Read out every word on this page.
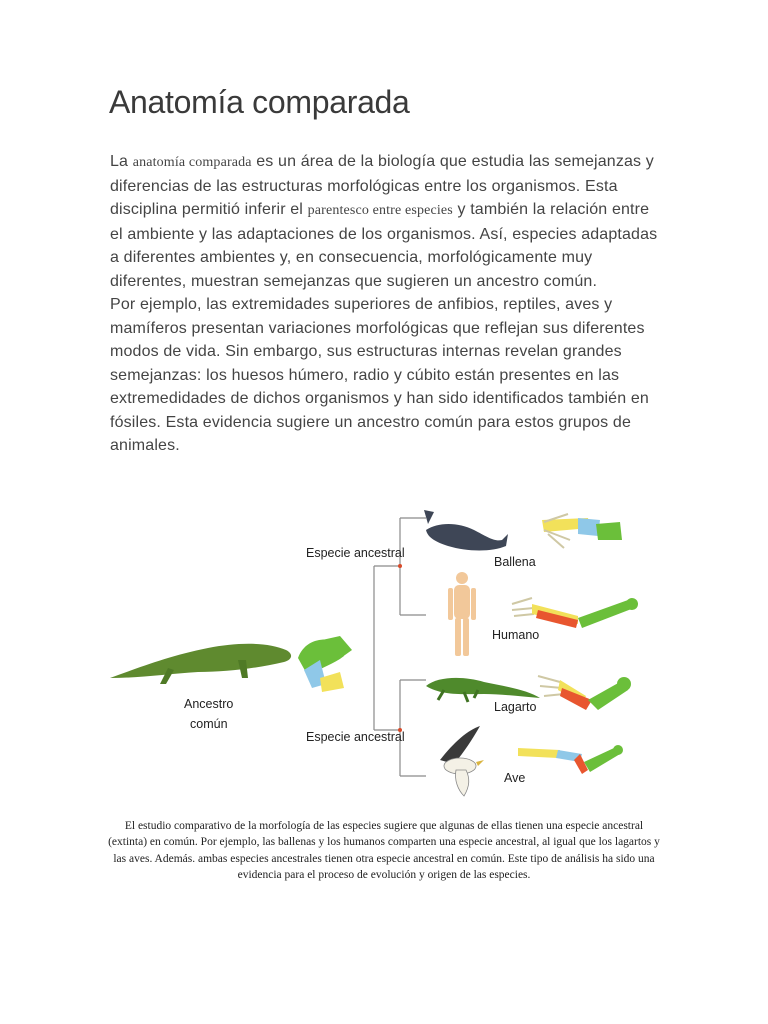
Anatomía comparada

La anatomía comparada es un área de la biología que estudia las semejanzas y diferencias de las estructuras morfológicas entre los organismos. Esta disciplina permitió inferir el parentesco entre especies y también la relación entre el ambiente y las adaptaciones de los organismos. Así, especies adaptadas a diferentes ambientes y, en consecuencia, morfológicamente muy diferentes, muestran semejanzas que sugieren un ancestro común.

Por ejemplo, las extremidades superiores de anfibios, reptiles, aves y mamíferos presentan variaciones morfológicas que reflejan sus diferentes modos de vida. Sin embargo, sus estructuras internas revelan grandes semejanzas: los huesos húmero, radio y cúbito están presentes en las extremedidades de dichos organismos y han sido identificados también en fósiles. Esta evidencia sugiere un ancestro común para estos grupos de animales.

Ancestro
común
Especie ancestral
Especie ancestral
Ballena
Humano
Lagarto
Ave

El estudio comparativo de la morfología de las especies sugiere que algunas de ellas tienen una especie ancestral (extinta) en común. Por ejemplo, las ballenas y los humanos comparten una especie ancestral, al igual que los lagartos y las aves. Además. ambas especies ancestrales tienen otra especie ancestral en común. Este tipo de análisis ha sido una evidencia para el proceso de evolución y origen de las especies.
